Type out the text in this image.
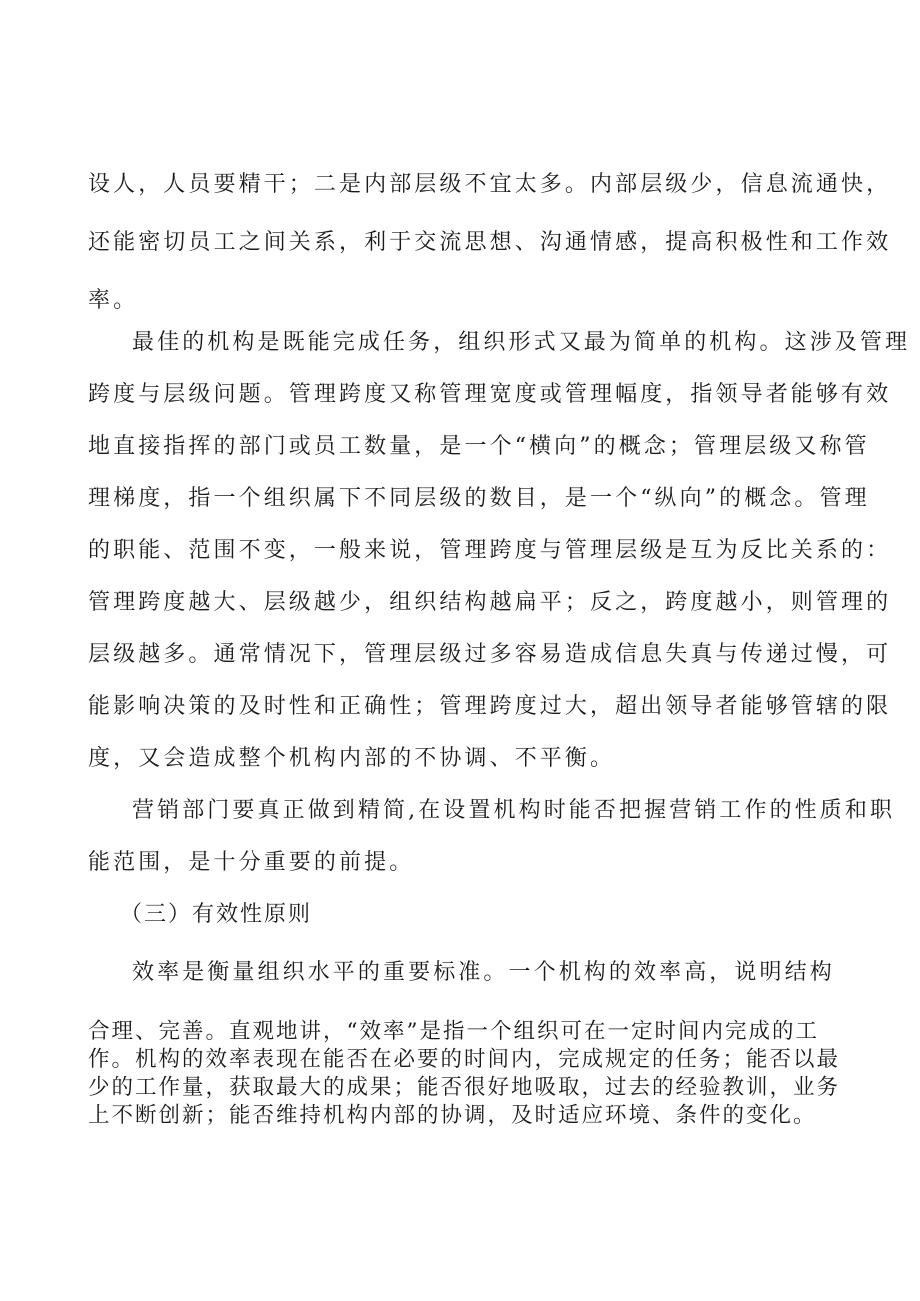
设人，人员要精干；二是内部层级不宜太多。内部层级少，信息流通快，
还能密切员工之间关系，利于交流思想、沟通情感，提高积极性和工作效
率。
最佳的机构是既能完成任务，组织形式又最为简单的机构。这涉及管理
跨度与层级问题。管理跨度又称管理宽度或管理幅度，指领导者能够有效
地直接指挥的部门或员工数量，是一个“横向”的概念；管理层级又称管
理梯度，指一个组织属下不同层级的数目，是一个“纵向”的概念。管理
的职能、范围不变，一般来说，管理跨度与管理层级是互为反比关系的：
管理跨度越大、层级越少，组织结构越扁平；反之，跨度越小，则管理的
层级越多。通常情况下，管理层级过多容易造成信息失真与传递过慢，可
能影响决策的及时性和正确性；管理跨度过大，超出领导者能够管辖的限
度，又会造成整个机构内部的不协调、不平衡。
营销部门要真正做到精简,在设置机构时能否把握营销工作的性质和职
能范围，是十分重要的前提。
（三）有效性原则
效率是衡量组织水平的重要标准。一个机构的效率高，说明结构
合理、完善。直观地讲，“效率”是指一个组织可在一定时间内完成的工
作。机构的效率表现在能否在必要的时间内，完成规定的任务；能否以最
少的工作量，获取最大的成果；能否很好地吸取，过去的经验教训，业务
上不断创新；能否维持机构内部的协调，及时适应环境、条件的变化。
